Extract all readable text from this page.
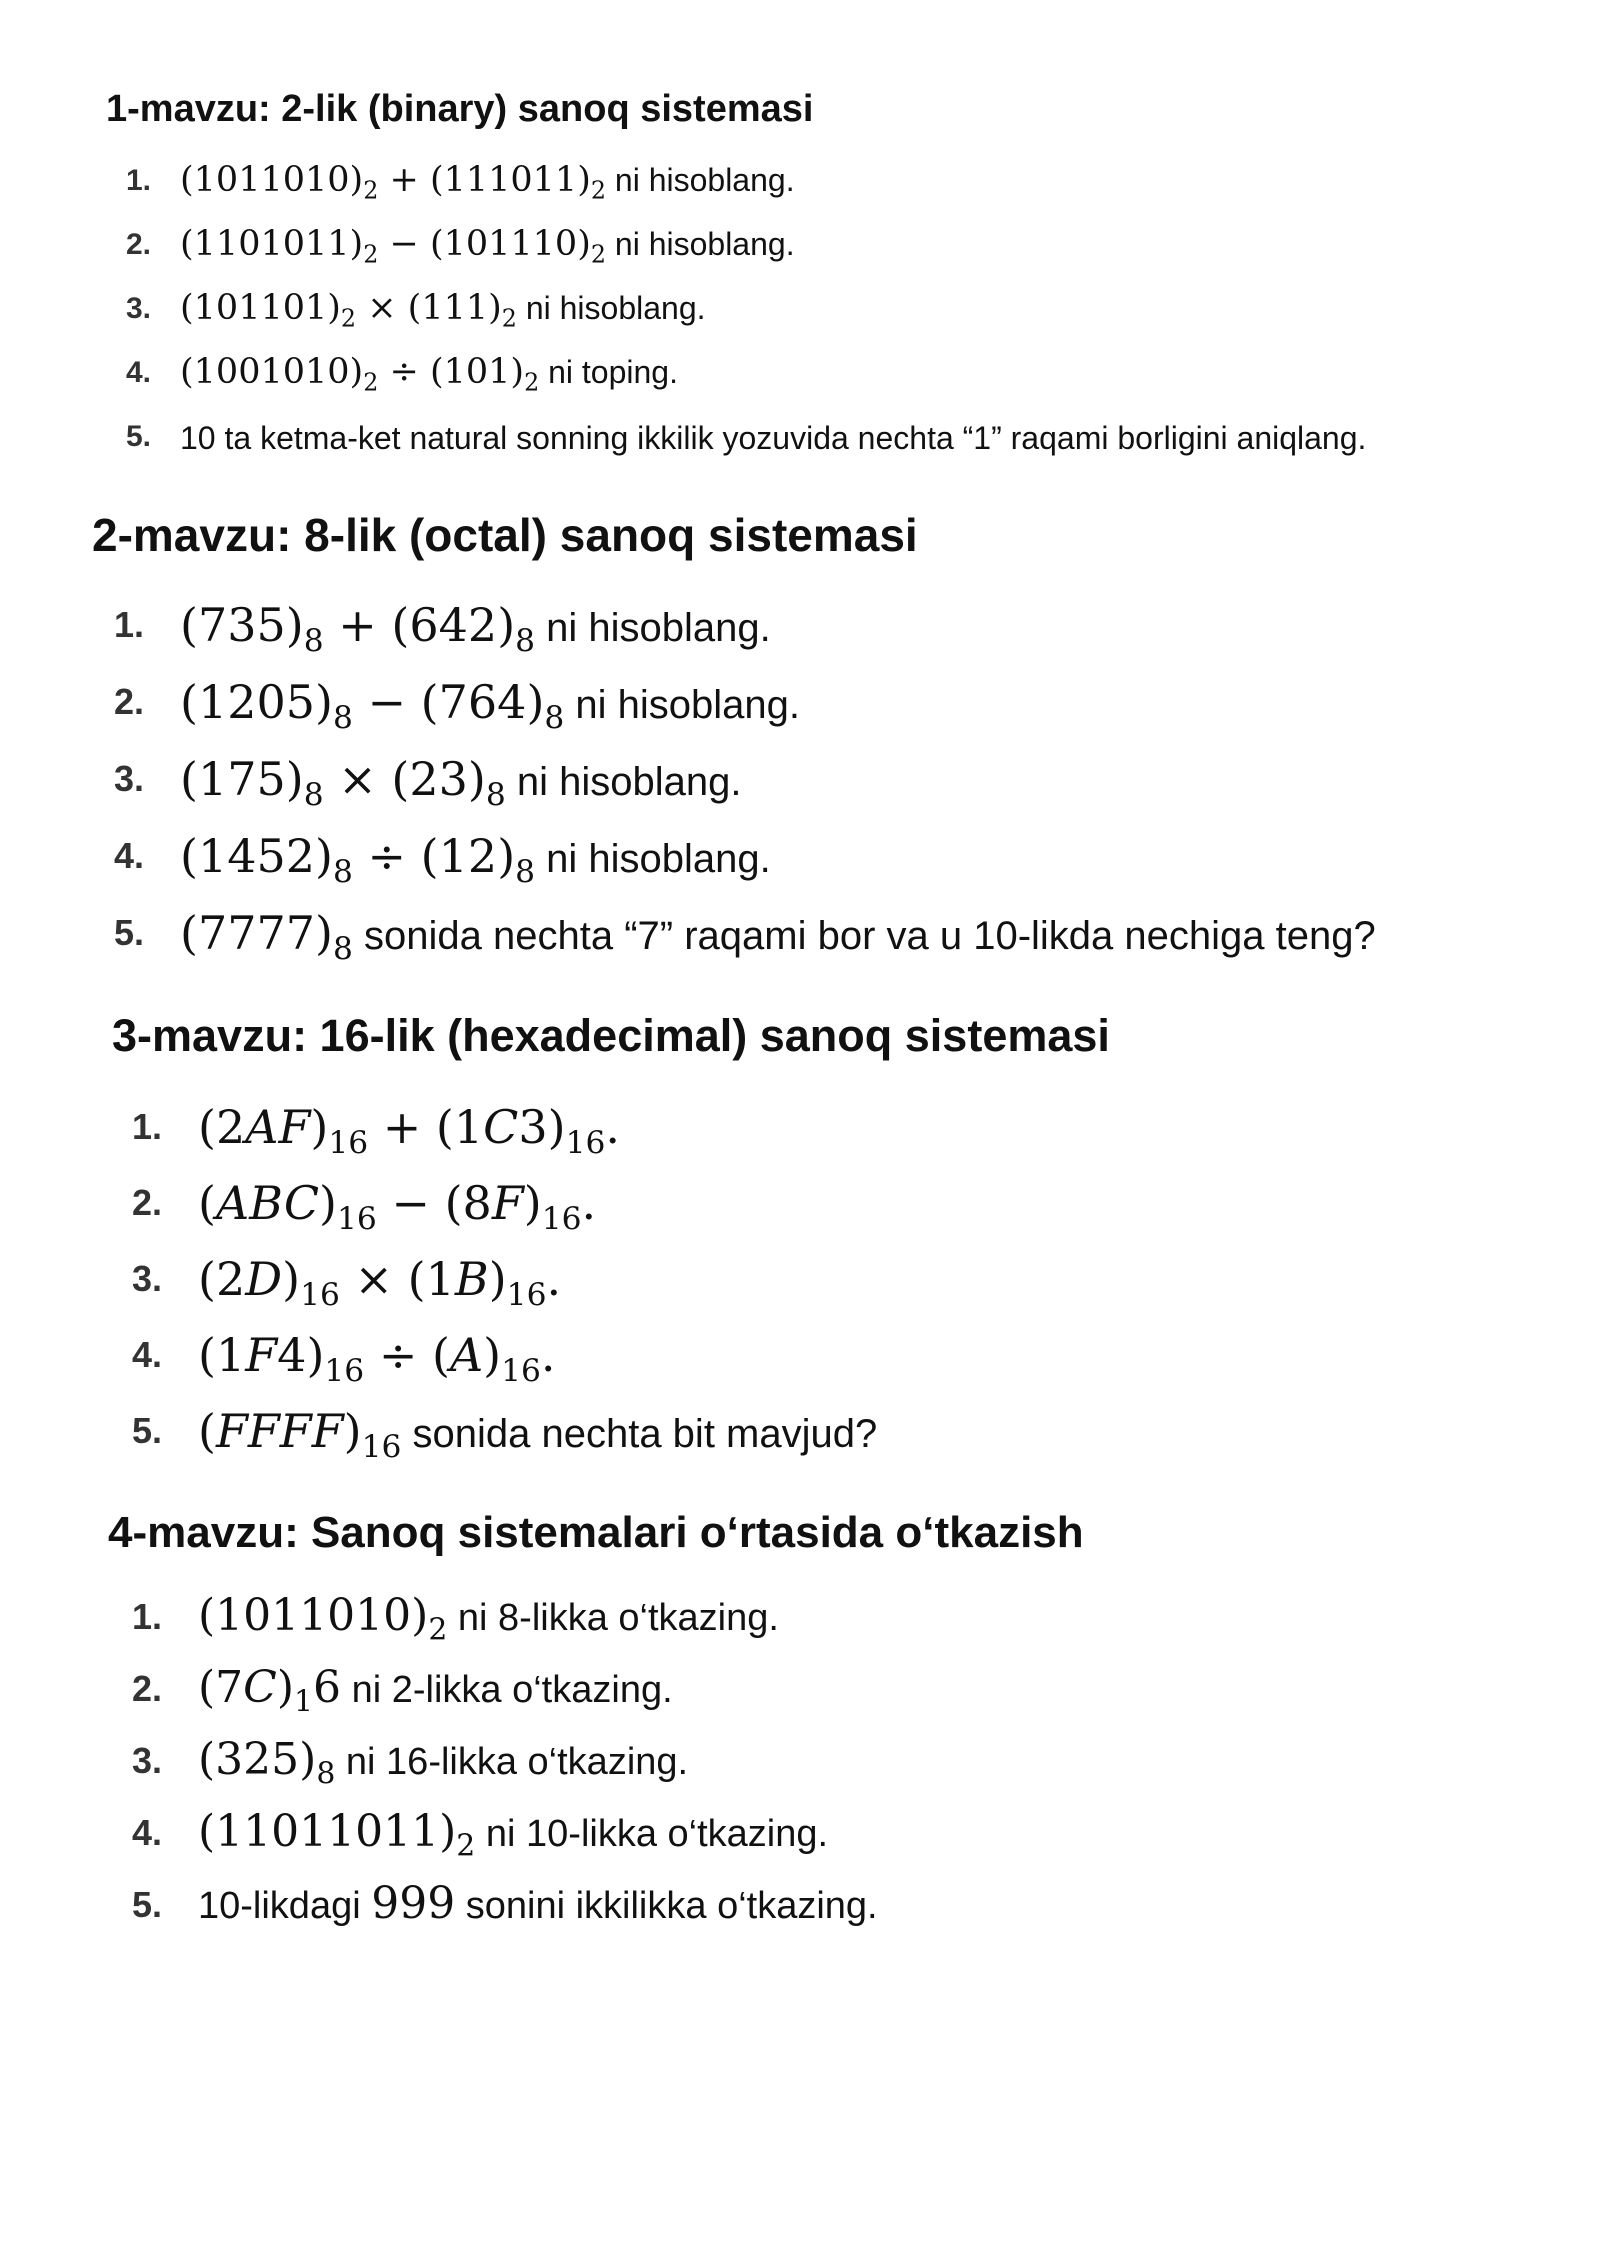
1-mavzu: 2-lik (binary) sanoq sistemasi
1. $(1011010)_2 + (111011)_2$ ni hisoblang.
2. $(1101011)_2 - (101110)_2$ ni hisoblang.
3. $(101101)_2 \times (111)_2$ ni hisoblang.
4. $(1001010)_2 \div (101)_2$ ni toping.
5. 10 ta ketma-ket natural sonning ikkilik yozuvida nechta “1” raqami borligini aniqlang.
2-mavzu: 8-lik (octal) sanoq sistemasi
1. $(735)_8 + (642)_8$ ni hisoblang.
2. $(1205)_8 - (764)_8$ ni hisoblang.
3. $(175)_8 \times (23)_8$ ni hisoblang.
4. $(1452)_8 \div (12)_8$ ni hisoblang.
5. $(7777)_8$ sonida nechta “7” raqami bor va u 10-likda nechiga teng?
3-mavzu: 16-lik (hexadecimal) sanoq sistemasi
1. $(2AF)_{16} + (1C3)_{16}$.
2. $(ABC)_{16} - (8F)_{16}$.
3. $(2D)_{16} \times (1B)_{16}$.
4. $(1F4)_{16} \div (A)_{16}$.
5. $(FFFF)_{16}$ sonida nechta bit mavjud?
4-mavzu: Sanoq sistemalari o‘rtasida o‘tkazish
1. $(1011010)_2$ ni 8-likka o‘tkazing.
2. $(7C)_16$ ni 2-likka o‘tkazing.
3. $(325)_8$ ni 16-likka o‘tkazing.
4. $(11011011)_2$ ni 10-likka o‘tkazing.
5. 10-likdagi 999 sonini ikkilikka o‘tkazing.
